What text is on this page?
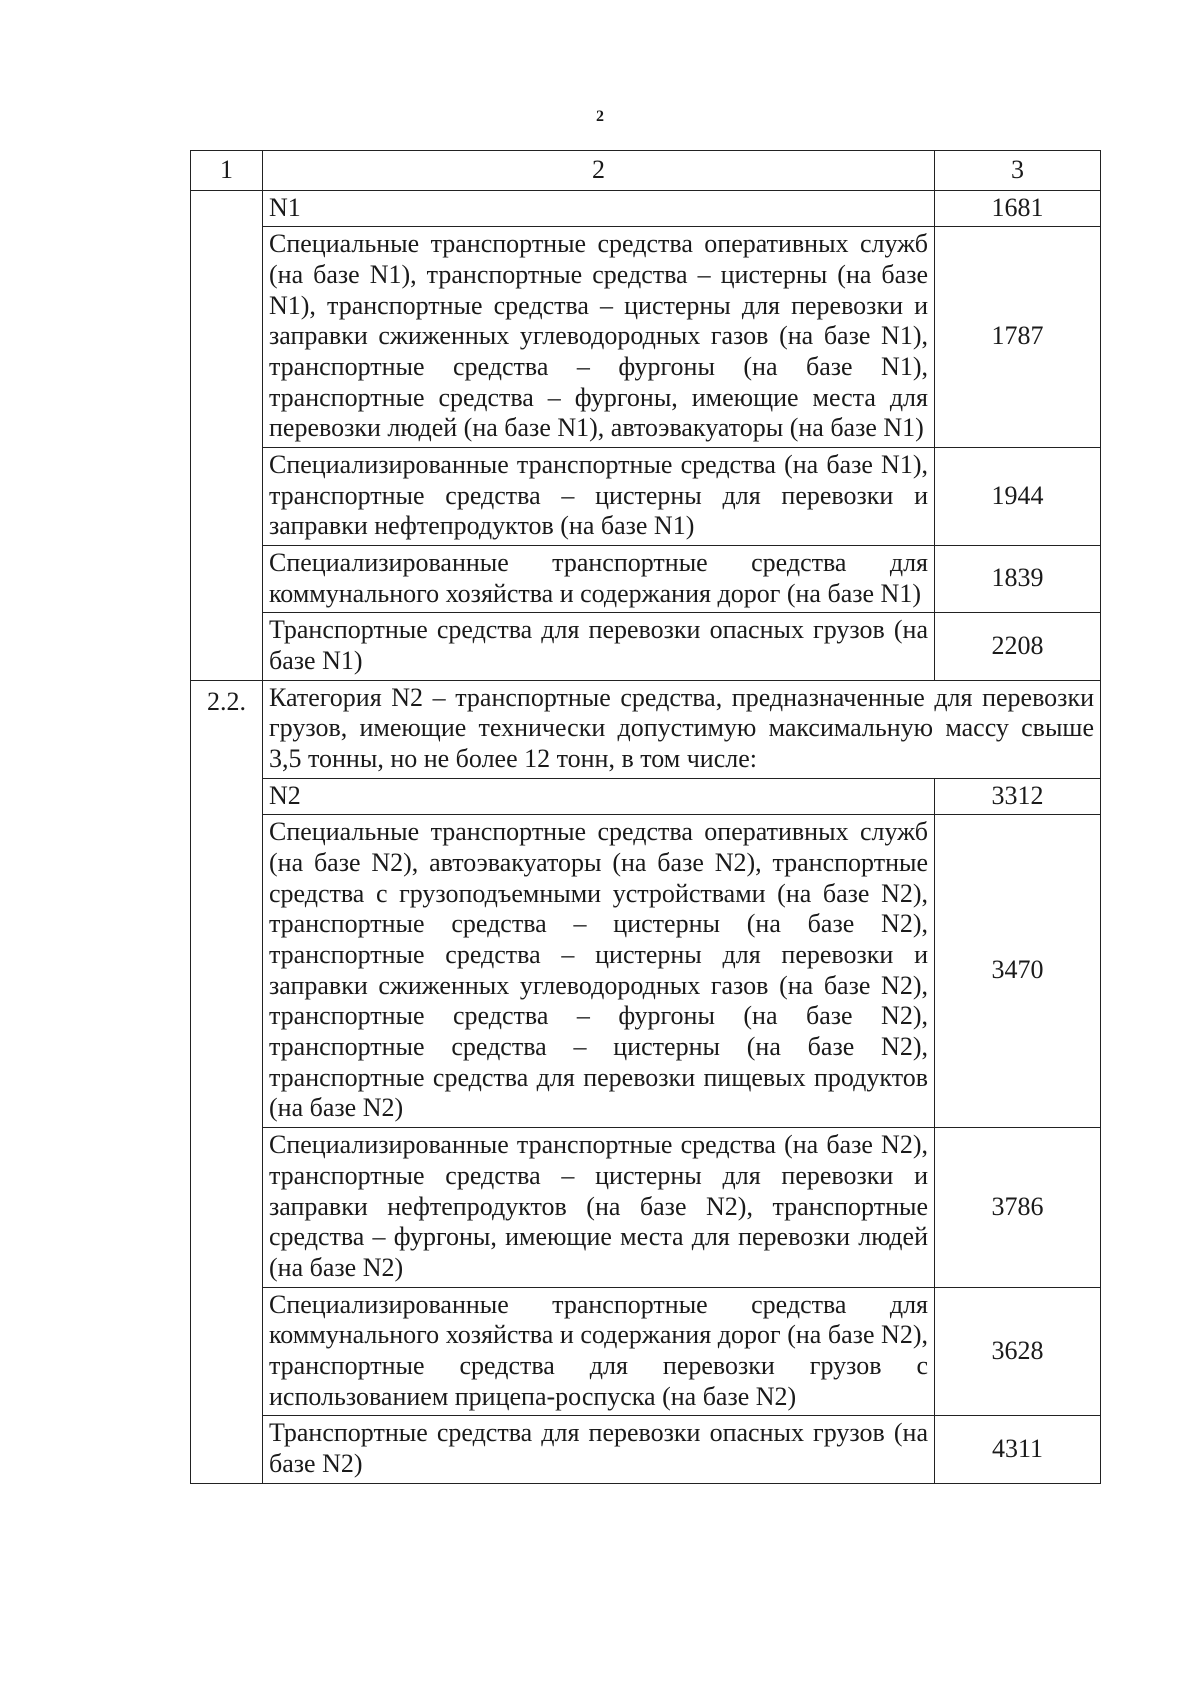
2
1	2	3
	N1	1681
	Специальные транспортные средства оперативных служб (на базе N1), транспортные средства – цистерны (на базе N1), транспортные средства – цистерны для перевозки и заправки сжиженных углеводородных газов (на базе N1), транспортные средства – фургоны (на базе N1), транспортные средства – фургоны, имеющие места для перевозки людей (на базе N1), автоэвакуаторы (на базе N1)	1787
	Специализированные транспортные средства (на базе N1), транспортные средства – цистерны для перевозки и заправки нефтепродуктов (на базе N1)	1944
	Специализированные транспортные средства для коммунального хозяйства и содержания дорог (на базе N1)	1839
	Транспортные средства для перевозки опасных грузов (на базе N1)	2208
2.2.	Категория N2 – транспортные средства, предназначенные для перевозки грузов, имеющие технически допустимую максимальную массу свыше 3,5 тонны, но не более 12 тонн, в том числе:	
	N2	3312
	Специальные транспортные средства оперативных служб (на базе N2), автоэвакуаторы (на базе N2), транспортные средства с грузоподъемными устройствами (на базе N2), транспортные средства – цистерны (на базе N2), транспортные средства – цистерны для перевозки и заправки сжиженных углеводородных газов (на базе N2), транспортные средства – фургоны (на базе N2), транспортные средства – цистерны (на базе N2), транспортные средства для перевозки пищевых продуктов (на базе N2)	3470
	Специализированные транспортные средства (на базе N2), транспортные средства – цистерны для перевозки и заправки нефтепродуктов (на базе N2), транспортные средства – фургоны, имеющие места для перевозки людей (на базе N2)	3786
	Специализированные транспортные средства для коммунального хозяйства и содержания дорог (на базе N2), транспортные средства для перевозки грузов с использованием прицепа-роспуска (на базе N2)	3628
	Транспортные средства для перевозки опасных грузов (на базе N2)	4311
